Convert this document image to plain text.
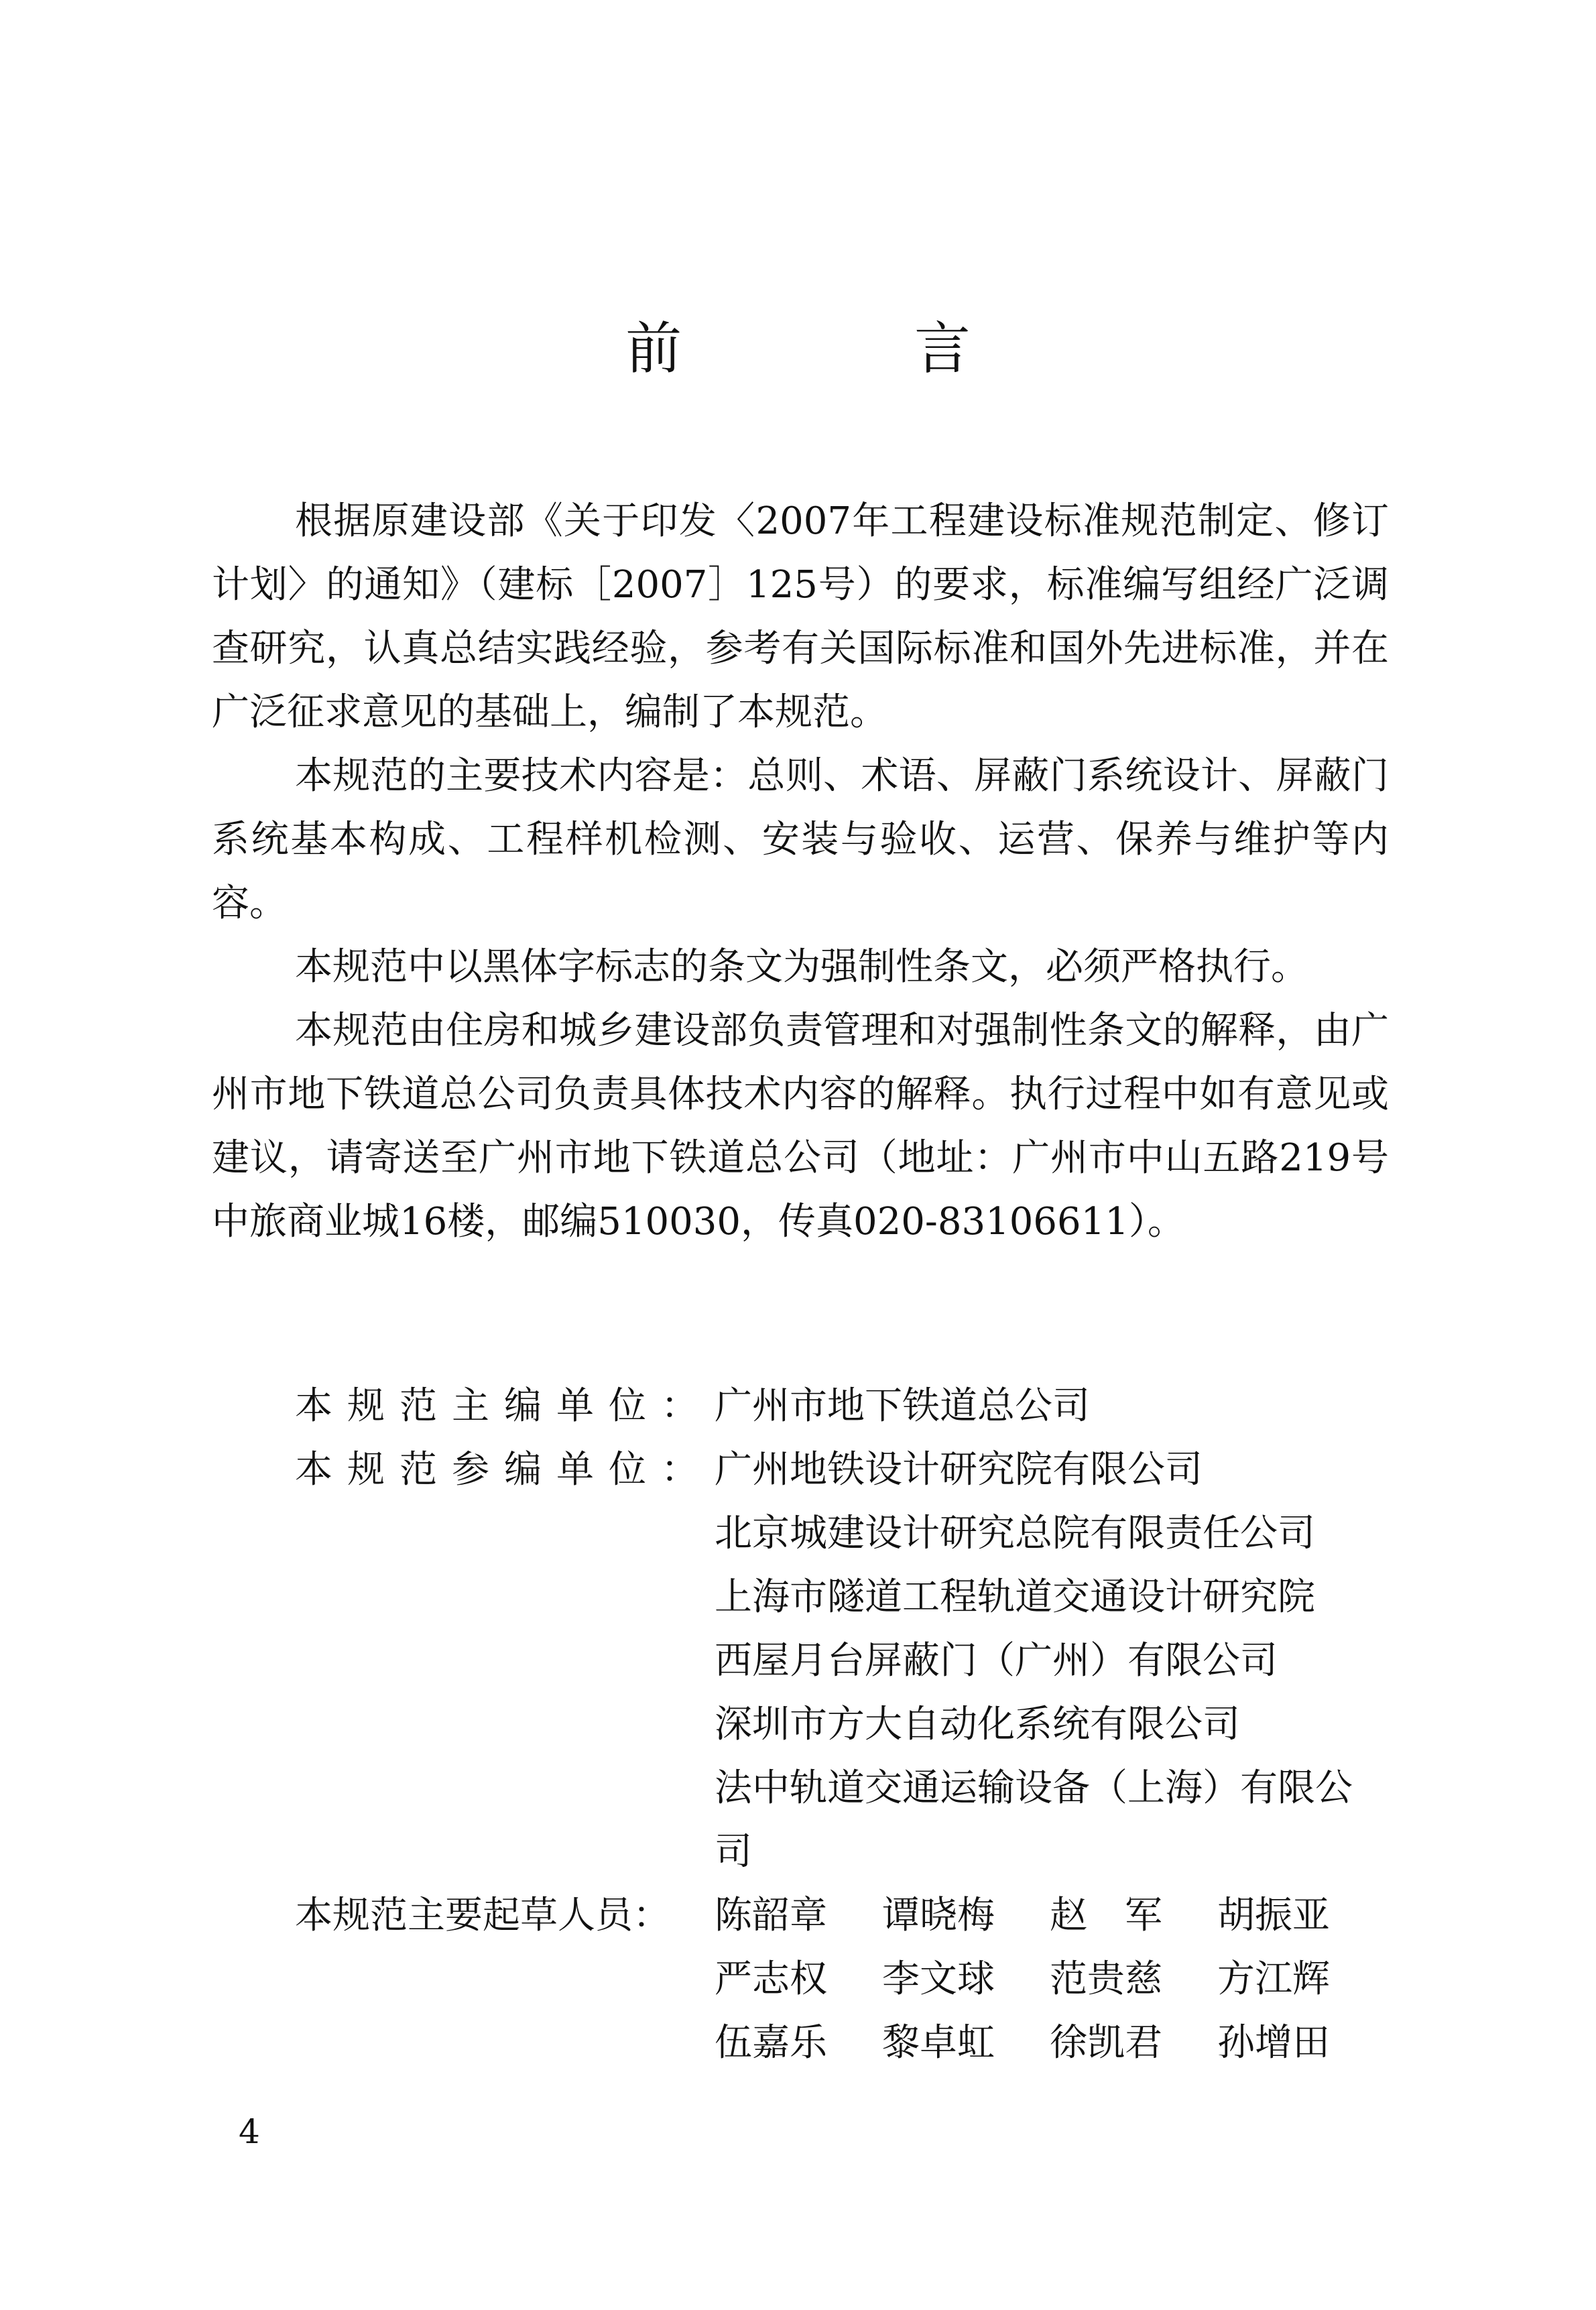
前 言

根据原建设部《关于印发〈2007年工程建设标准规范制定、修订计划〉的通知》（建标［2007］125号）的要求，标准编写组经广泛调查研究，认真总结实践经验，参考有关国际标准和国外先进标准，并在广泛征求意见的基础上，编制了本规范。

本规范的主要技术内容是：总则、术语、屏蔽门系统设计、屏蔽门系统基本构成、工程样机检测、安装与验收、运营、保养与维护等内容。

本规范中以黑体字标志的条文为强制性条文，必须严格执行。

本规范由住房和城乡建设部负责管理和对强制性条文的解释，由广州市地下铁道总公司负责具体技术内容的解释。执行过程中如有意见或建议，请寄送至广州市地下铁道总公司（地址：广州市中山五路219号中旅商业城16楼，邮编510030，传真020-83106611）。

本规范主编单位： 广州市地下铁道总公司
本规范参编单位： 广州地铁设计研究院有限公司
北京城建设计研究总院有限责任公司
上海市隧道工程轨道交通设计研究院
西屋月台屏蔽门（广州）有限公司
深圳市方大自动化系统有限公司
法中轨道交通运输设备（上海）有限公司
本规范主要起草人员：	陈韶章	谭晓梅	赵　军	胡振亚
严志权	李文球	范贵慈	方江辉
伍嘉乐	黎卓虹	徐凯君	孙增田
4
